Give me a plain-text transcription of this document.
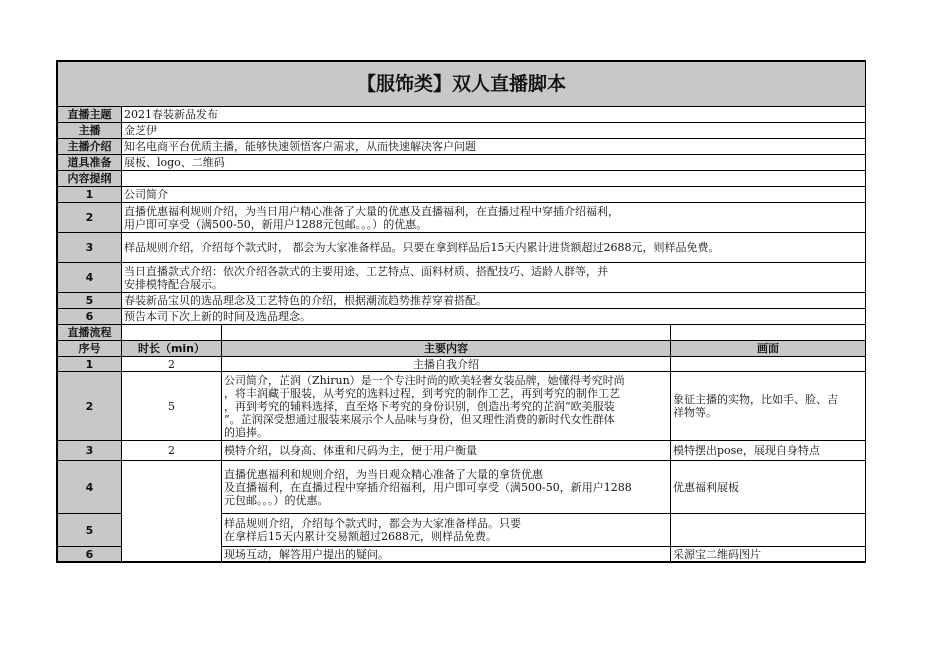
【服饰类】双人直播脚本			
直播主题	2021春装新品发布		
主播	金芝伊		
主播介绍	知名电商平台优质主播，能够快速领悟客户需求，从而快速解决客户问题		
道具准备	展板、logo、二维码		
内容提纲			
1	公司简介		
2	直播优惠福利规则介绍，为当日用户精心准备了大量的优惠及直播福利，在直播过程中穿插介绍福利，
用户即可享受（满500-50，新用户1288元包邮。。。）的优惠。		
3	样品规则介绍，介绍每个款式时， 都会为大家准备样品。只要在拿到样品后15天内累计进货额超过2688元，则样品免费。		
4	当日直播款式介绍：依次介绍各款式的主要用途、工艺特点、面料材质、搭配技巧、适龄人群等，并
安排模特配合展示。		
5	春装新品宝贝的选品理念及工艺特色的介绍，根据潮流趋势推荐穿着搭配。		
6	预告本司下次上新的时间及选品理念。		
直播流程			
序号	时长（min）	主要内容	画面
1	2	主播自我介绍	
2	5	公司简介，芷润（Zhirun）是一个专注时尚的欧美轻奢女装品牌，她懂得考究时尚
，将丰润藏于服装，从考究的选料过程，到考究的制作工艺，再到考究的制作工艺
，再到考究的辅料选择，直至烙下考究的身份识别，创造出考究的芷润“欧美服装
”。芷润深受想通过服装来展示个人品味与身份，但又理性消费的新时代女性群体
的追捧。	象征主播的实物，比如手、脸、吉
祥物等。
3	2	模特介绍，以身高、体重和尺码为主，便于用户衡量	模特摆出pose，展现自身特点
4		直播优惠福利和规则介绍，为当日观众精心准备了大量的拿货优惠
及直播福利，在直播过程中穿插介绍福利，用户即可享受（满500-50，新用户1288
元包邮。。。）的优惠。	优惠福利展板
5		样品规则介绍，介绍每个款式时，都会为大家准备样品。只要
在拿样后15天内累计交易额超过2688元，则样品免费。	
6		现场互动，解答用户提出的疑问。	采源宝二维码图片
